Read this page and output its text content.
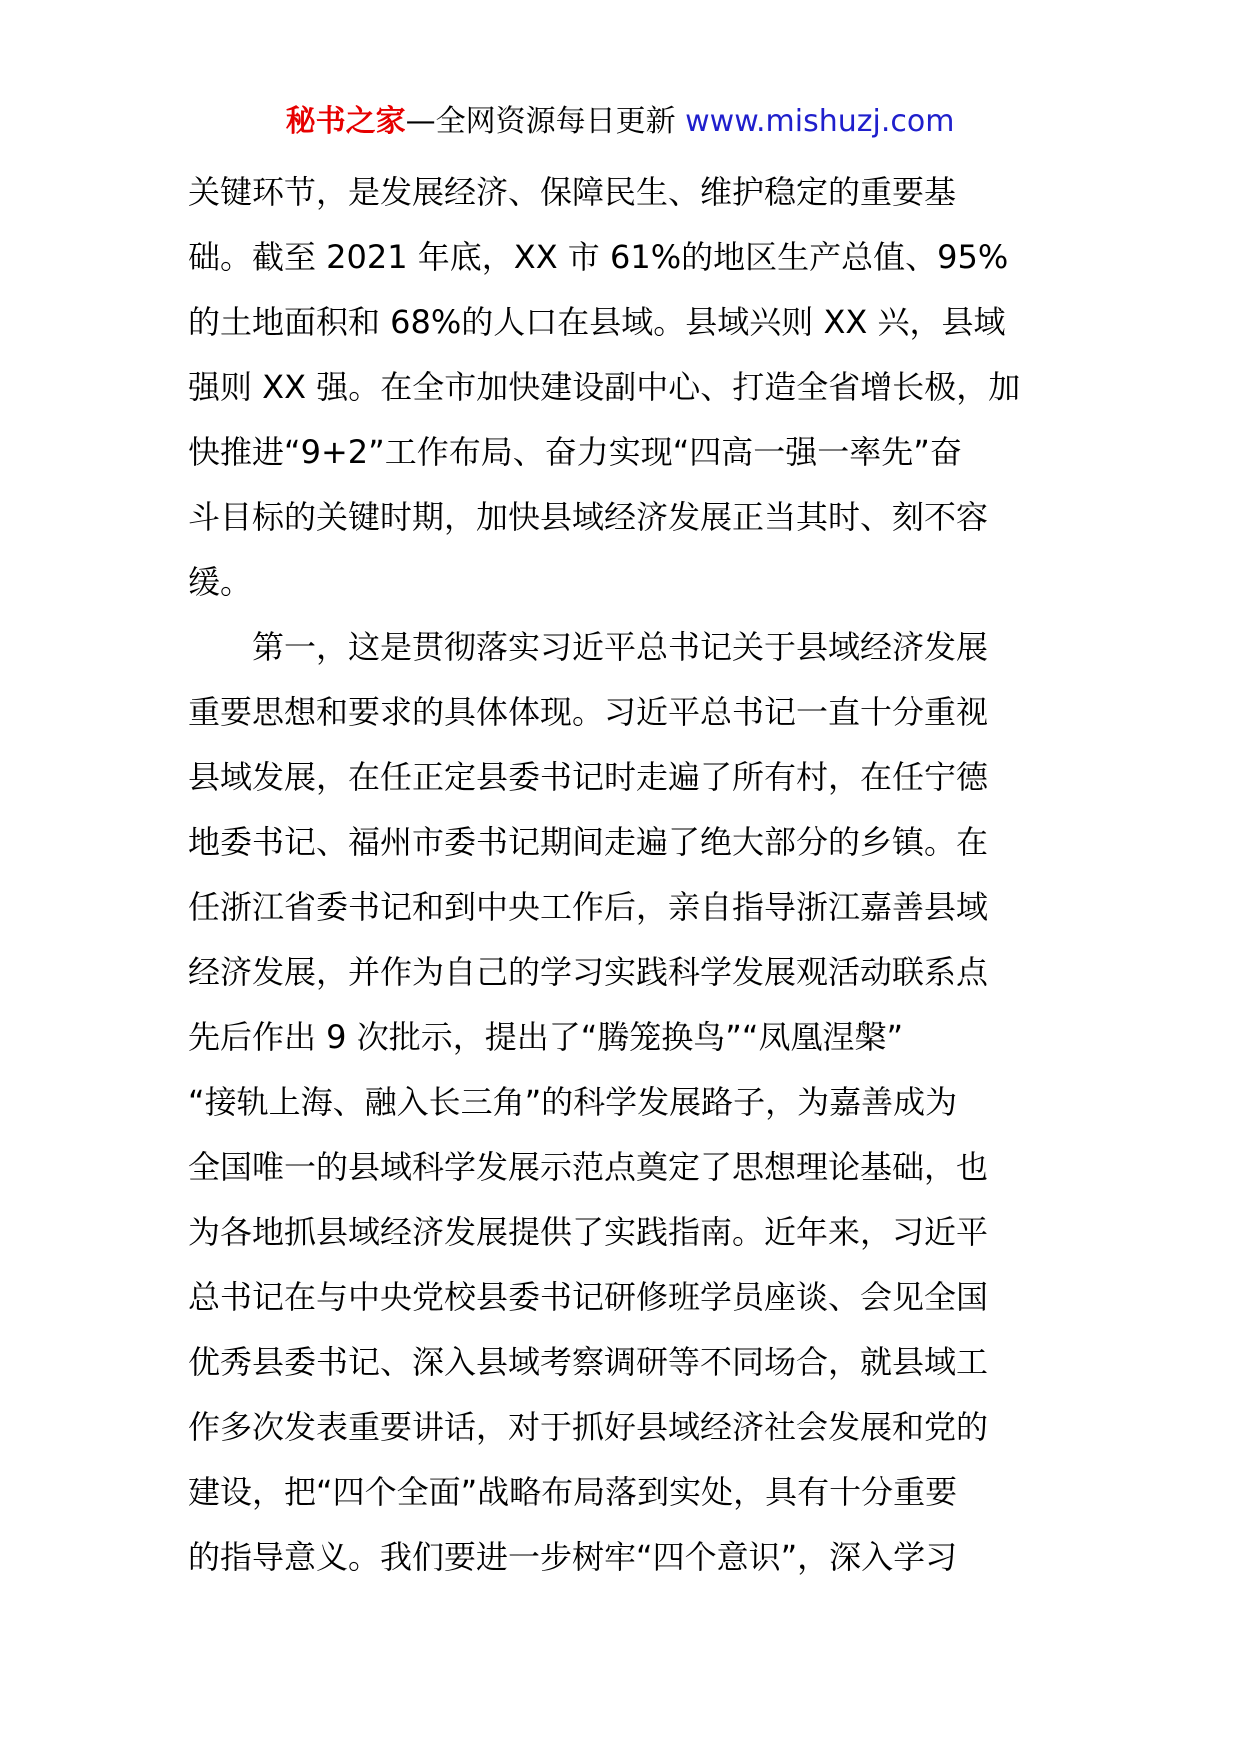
秘书之家—全网资源每日更新 www.mishuzj.com
关键环节，是发展经济、保障民生、维护稳定的重要基
础。截至 2021 年底，XX 市 61%的地区生产总值、95%
的土地面积和 68%的人口在县域。县域兴则 XX 兴，县域
强则 XX 强。在全市加快建设副中心、打造全省增长极，加
快推进“9+2”工作布局、奋力实现“四高一强一率先”奋
斗目标的关键时期，加快县域经济发展正当其时、刻不容
缓。
　　第一，这是贯彻落实习近平总书记关于县域经济发展
重要思想和要求的具体体现。习近平总书记一直十分重视
县域发展，在任正定县委书记时走遍了所有村，在任宁德
地委书记、福州市委书记期间走遍了绝大部分的乡镇。在
任浙江省委书记和到中央工作后，亲自指导浙江嘉善县域
经济发展，并作为自己的学习实践科学发展观活动联系点
先后作出 9 次批示，提出了“腾笼换鸟”“凤凰涅槃”
“接轨上海、融入长三角”的科学发展路子，为嘉善成为
全国唯一的县域科学发展示范点奠定了思想理论基础，也
为各地抓县域经济发展提供了实践指南。近年来，习近平
总书记在与中央党校县委书记研修班学员座谈、会见全国
优秀县委书记、深入县域考察调研等不同场合，就县域工
作多次发表重要讲话，对于抓好县域经济社会发展和党的
建设，把“四个全面”战略布局落到实处，具有十分重要
的指导意义。我们要进一步树牢“四个意识”，深入学习
